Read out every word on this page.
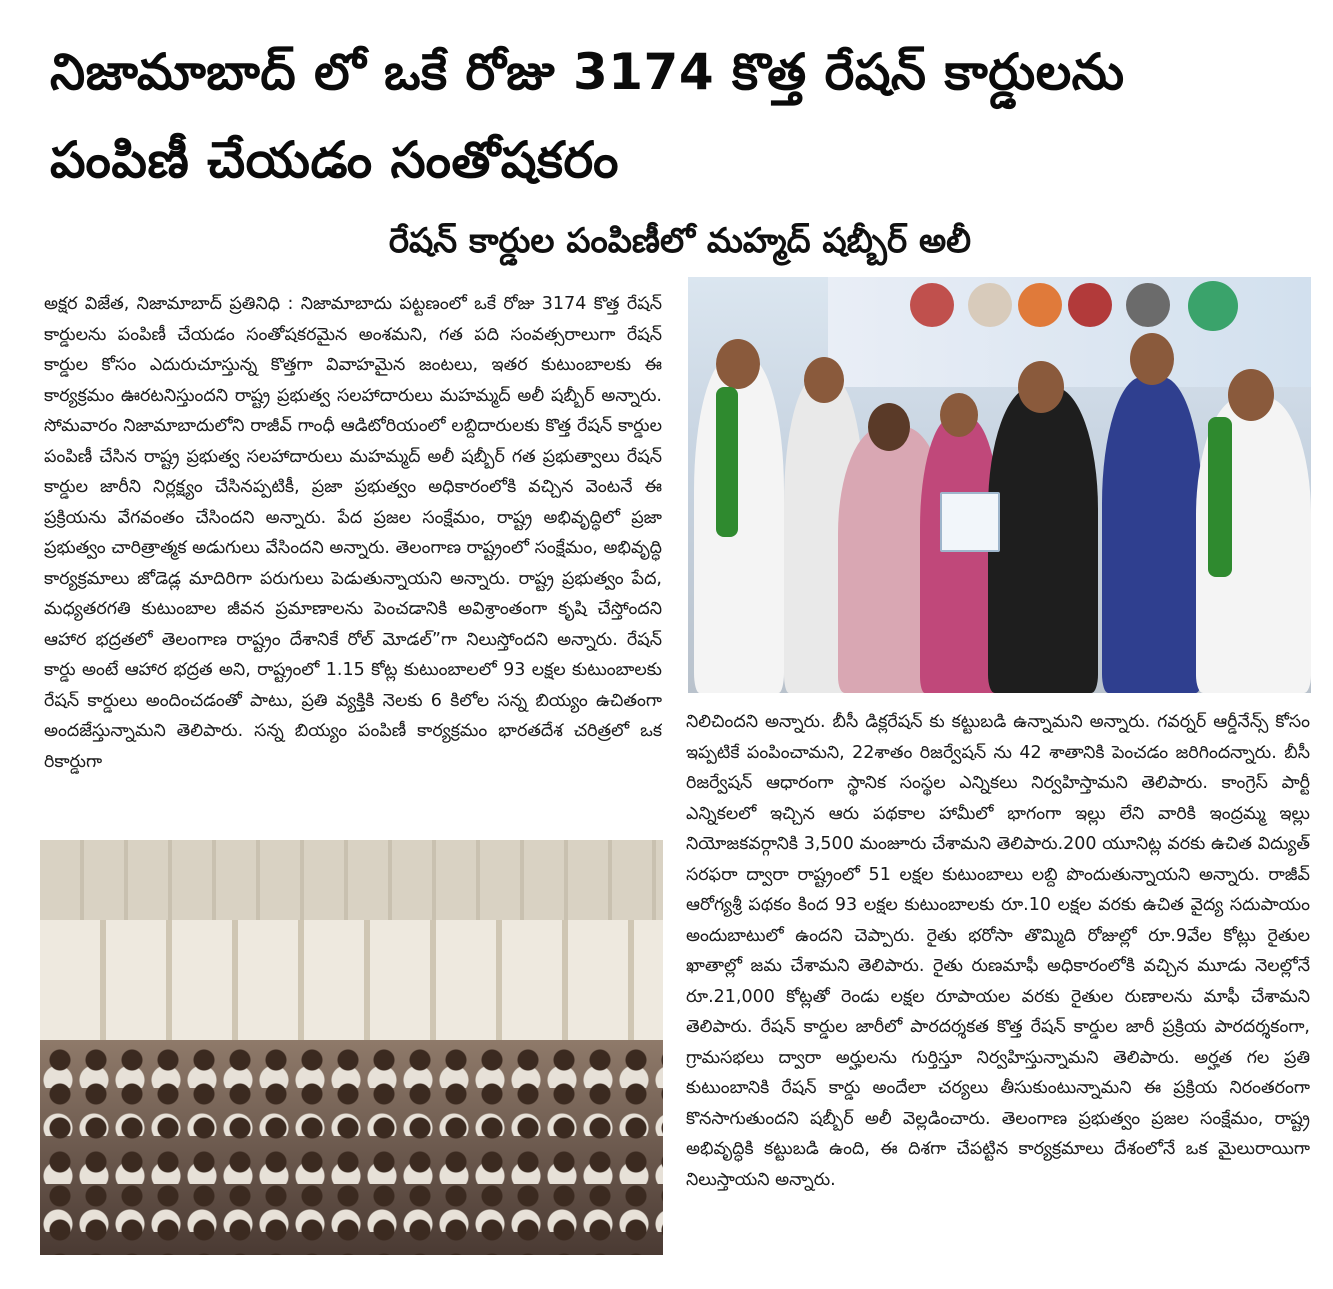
నిజామాబాద్ లో ఒకే రోజు 3174 కొత్త రేషన్ కార్డులను
పంపిణీ చేయడం సంతోషకరం
రేషన్ కార్డుల పంపిణీలో మహ్మద్ షబ్బీర్ అలీ
అక్షర విజేత, నిజామాబాద్ ప్రతినిధి : నిజామాబాదు పట్టణంలో ఒకే రోజు 3174 కొత్త రేషన్ కార్డులను పంపిణీ చేయడం సంతోషకరమైన అంశమని, గత పది సంవత్సరాలుగా రేషన్ కార్డుల కోసం ఎదురుచూస్తున్న కొత్తగా వివాహమైన జంటలు, ఇతర కుటుంబాలకు ఈ కార్యక్రమం ఊరటనిస్తుందని రాష్ట్ర ప్రభుత్వ సలహాదారులు మహమ్మద్ అలీ షబ్బీర్ అన్నారు. సోమవారం నిజామాబాదులోని రాజీవ్ గాంధీ ఆడిటోరియంలో లబ్దిదారులకు కొత్త రేషన్ కార్డుల పంపిణీ చేసిన రాష్ట్ర ప్రభుత్వ సలహాదారులు మహమ్మద్ అలీ షబ్బీర్ గత ప్రభుత్వాలు రేషన్ కార్డుల జారీని నిర్లక్ష్యం చేసినప్పటికీ, ప్రజా ప్రభుత్వం అధికారంలోకి వచ్చిన వెంటనే ఈ ప్రక్రియను వేగవంతం చేసిందని అన్నారు. పేద ప్రజల సంక్షేమం, రాష్ట్ర అభివృద్ధిలో ప్రజా ప్రభుత్వం చారిత్రాత్మక అడుగులు వేసిందని అన్నారు. తెలంగాణ రాష్ట్రంలో సంక్షేమం, అభివృద్ధి కార్యక్రమాలు జోడెడ్ల మాదిరిగా పరుగులు పెడుతున్నాయని అన్నారు. రాష్ట్ర ప్రభుత్వం పేద, మధ్యతరగతి కుటుంబాల జీవన ప్రమాణాలను పెంచడానికి అవిశ్రాంతంగా కృషి చేస్తోందని ఆహార భద్రతలో తెలంగాణ రాష్ట్రం దేశానికే రోల్ మోడల్”గా నిలుస్తోందని అన్నారు. రేషన్ కార్డు అంటే ఆహార భద్రత అని, రాష్ట్రంలో 1.15 కోట్ల కుటుంబాలలో 93 లక్షల కుటుంబాలకు రేషన్ కార్డులు అందించడంతో పాటు, ప్రతి వ్యక్తికి నెలకు 6 కిలోల సన్న బియ్యం ఉచితంగా అందజేస్తున్నామని తెలిపారు. సన్న బియ్యం పంపిణీ కార్యక్రమం భారతదేశ చరిత్రలో ఒక రికార్డుగా
నిలిచిందని అన్నారు. బీసీ డిక్లరేషన్ కు కట్టుబడి ఉన్నామని అన్నారు. గవర్నర్ ఆర్డీనేన్స్ కోసం ఇప్పటికే పంపించామని, 22శాతం రిజర్వేషన్ ను 42 శాతానికి పెంచడం జరిగిందన్నారు. బీసీ రిజర్వేషన్ ఆధారంగా స్థానిక సంస్థల ఎన్నికలు నిర్వహిస్తామని తెలిపారు. కాంగ్రెస్ పార్టీ ఎన్నికలలో ఇచ్చిన ఆరు పథకాల హామీలో భాగంగా ఇల్లు లేని వారికి ఇంద్రమ్మ ఇల్లు నియోజకవర్గానికి 3,500 మంజూరు చేశామని తెలిపారు.200 యూనిట్ల వరకు ఉచిత విద్యుత్ సరఫరా ద్వారా రాష్ట్రంలో 51 లక్షల కుటుంబాలు లబ్ది పొందుతున్నాయని అన్నారు. రాజీవ్ ఆరోగ్యశ్రీ పథకం కింద 93 లక్షల కుటుంబాలకు రూ.10 లక్షల వరకు ఉచిత వైద్య సదుపాయం అందుబాటులో ఉందని చెప్పారు. రైతు భరోసా తొమ్మిది రోజుల్లో రూ.9వేల కోట్లు రైతుల ఖాతాల్లో జమ చేశామని తెలిపారు. రైతు రుణమాఫీ అధికారంలోకి వచ్చిన మూడు నెలల్లోనే రూ.21,000 కోట్లతో రెండు లక్షల రూపాయల వరకు రైతుల రుణాలను మాఫీ చేశామని తెలిపారు. రేషన్ కార్డుల జారీలో పారదర్శకత కొత్త రేషన్ కార్డుల జారీ ప్రక్రియ పారదర్శకంగా, గ్రామసభలు ద్వారా అర్హులను గుర్తిస్తూ నిర్వహిస్తున్నామని తెలిపారు. అర్హత గల ప్రతి కుటుంబానికి రేషన్ కార్డు అందేలా చర్యలు తీసుకుంటున్నామని ఈ ప్రక్రియ నిరంతరంగా కొనసాగుతుందని షబ్బీర్ అలీ వెల్లడించారు. తెలంగాణ ప్రభుత్వం ప్రజల సంక్షేమం, రాష్ట్ర అభివృద్ధికి కట్టుబడి ఉంది, ఈ దిశగా చేపట్టిన కార్యక్రమాలు దేశంలోనే ఒక మైలురాయిగా నిలుస్తాయని అన్నారు.
